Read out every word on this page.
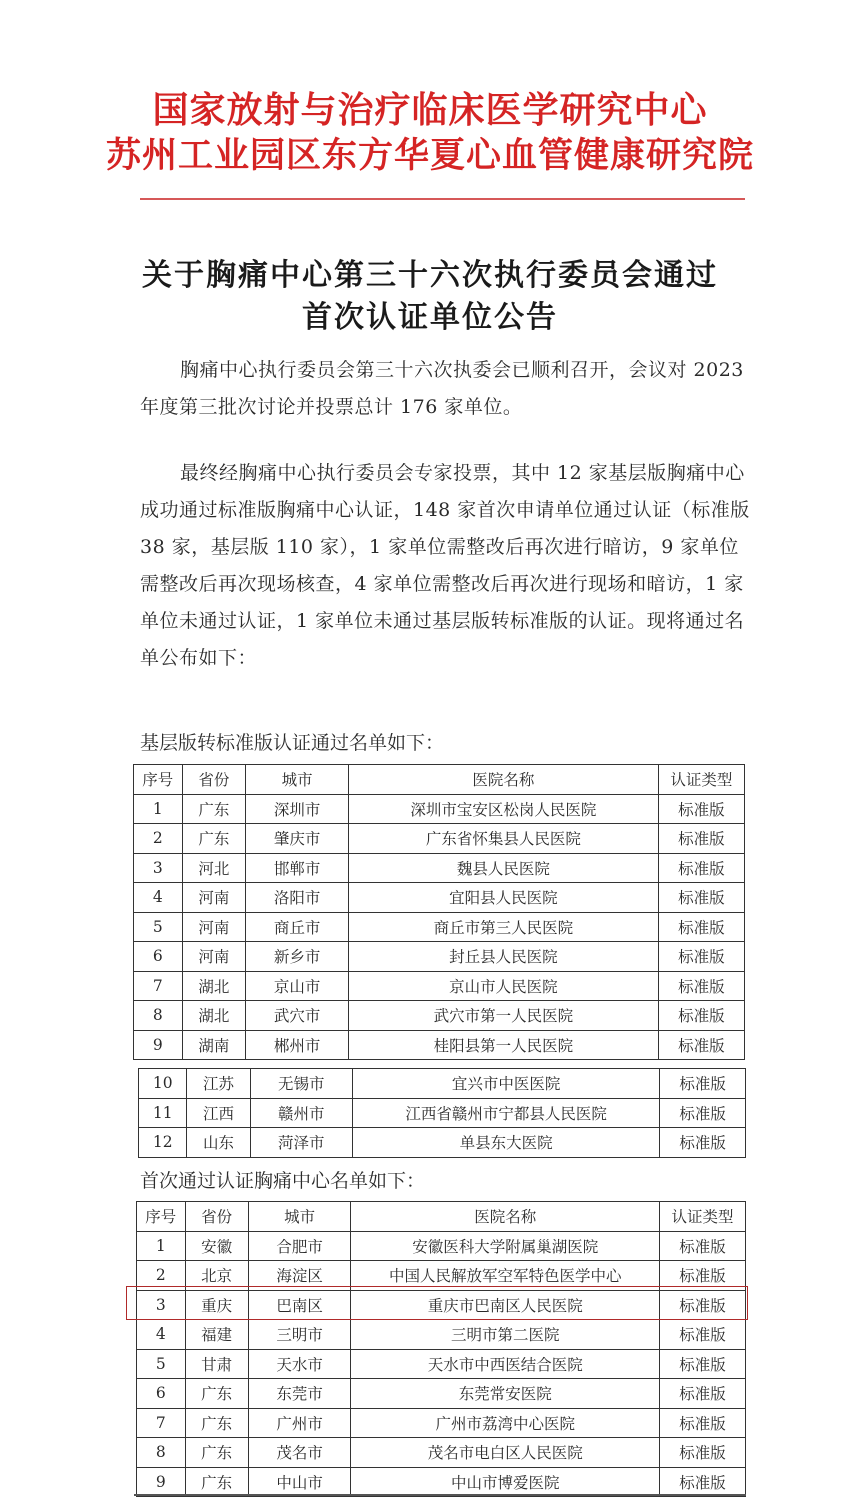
国家放射与治疗临床医学研究中心
苏州工业园区东方华夏心血管健康研究院
关于胸痛中心第三十六次执行委员会通过
首次认证单位公告
胸痛中心执行委员会第三十六次执委会已顺利召开，会议对 2023 年度第三批次讨论并投票总计 176 家单位。
最终经胸痛中心执行委员会专家投票，其中 12 家基层版胸痛中心成功通过标准版胸痛中心认证，148 家首次申请单位通过认证（标准版 38 家，基层版 110 家），1 家单位需整改后再次进行暗访，9 家单位需整改后再次现场核查，4 家单位需整改后再次进行现场和暗访，1 家单位未通过认证，1 家单位未通过基层版转标准版的认证。现将通过名单公布如下：
基层版转标准版认证通过名单如下：
序号	省份	城市	医院名称	认证类型
1	广东	深圳市	深圳市宝安区松岗人民医院	标准版
2	广东	肇庆市	广东省怀集县人民医院	标准版
3	河北	邯郸市	魏县人民医院	标准版
4	河南	洛阳市	宜阳县人民医院	标准版
5	河南	商丘市	商丘市第三人民医院	标准版
6	河南	新乡市	封丘县人民医院	标准版
7	湖北	京山市	京山市人民医院	标准版
8	湖北	武穴市	武穴市第一人民医院	标准版
9	湖南	郴州市	桂阳县第一人民医院	标准版
10	江苏	无锡市	宜兴市中医医院	标准版
11	江西	赣州市	江西省赣州市宁都县人民医院	标准版
12	山东	菏泽市	单县东大医院	标准版
首次通过认证胸痛中心名单如下：
序号	省份	城市	医院名称	认证类型
1	安徽	合肥市	安徽医科大学附属巢湖医院	标准版
2	北京	海淀区	中国人民解放军空军特色医学中心	标准版
3	重庆	巴南区	重庆市巴南区人民医院	标准版
4	福建	三明市	三明市第二医院	标准版
5	甘肃	天水市	天水市中西医结合医院	标准版
6	广东	东莞市	东莞常安医院	标准版
7	广东	广州市	广州市荔湾中心医院	标准版
8	广东	茂名市	茂名市电白区人民医院	标准版
9	广东	中山市	中山市博爱医院	标准版
